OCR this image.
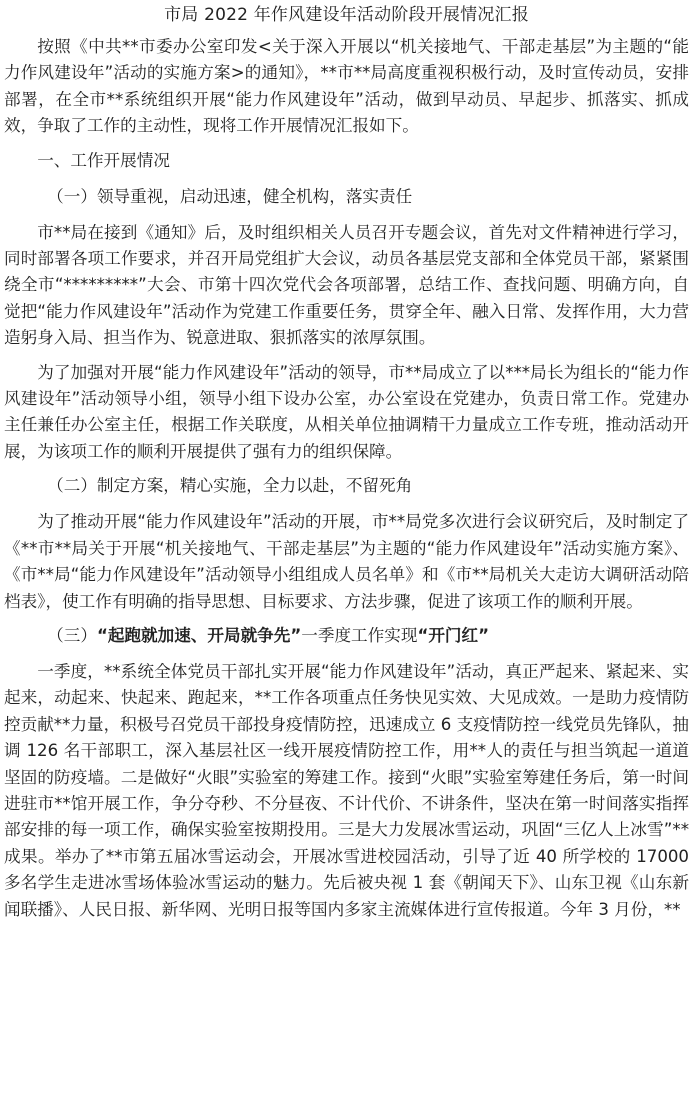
市局 2022 年作风建设年活动阶段开展情况汇报

按照《中共**市委办公室印发<关于深入开展以“机关接地气、干部走基层”为主题的“能力作风建设年”活动的实施方案>的通知》，**市**局高度重视积极行动，及时宣传动员，安排部署，在全市**系统组织开展“能力作风建设年”活动，做到早动员、早起步、抓落实、抓成效，争取了工作的主动性，现将工作开展情况汇报如下。

一、工作开展情况
（一）领导重视，启动迅速，健全机构，落实责任

市**局在接到《通知》后，及时组织相关人员召开专题会议，首先对文件精神进行学习，同时部署各项工作要求，并召开局党组扩大会议，动员各基层党支部和全体党员干部，紧紧围绕全市“*********”大会、市第十四次党代会各项部署，总结工作、查找问题、明确方向，自觉把“能力作风建设年”活动作为党建工作重要任务，贯穿全年、融入日常、发挥作用，大力营造躬身入局、担当作为、锐意进取、狠抓落实的浓厚氛围。

为了加强对开展“能力作风建设年”活动的领导，市**局成立了以***局长为组长的“能力作风建设年”活动领导小组，领导小组下设办公室，办公室设在党建办，负责日常工作。党建办主任兼任办公室主任，根据工作关联度，从相关单位抽调精干力量成立工作专班，推动活动开展，为该项工作的顺利开展提供了强有力的组织保障。

（二）制定方案，精心实施，全力以赴，不留死角

为了推动开展“能力作风建设年”活动的开展，市**局党多次进行会议研究后，及时制定了《**市**局关于开展“机关接地气、干部走基层”为主题的“能力作风建设年”活动实施方案》、《市**局“能力作风建设年”活动领导小组组成人员名单》和《市**局机关大走访大调研活动陪档表》，使工作有明确的指导思想、目标要求、方法步骤，促进了该项工作的顺利开展。

（三）“起跑就加速、开局就争先”一季度工作实现“开门红”

一季度，**系统全体党员干部扎实开展“能力作风建设年”活动，真正严起来、紧起来、实起来，动起来、快起来、跑起来，**工作各项重点任务快见实效、大见成效。一是助力疫情防控贡献**力量，积极号召党员干部投身疫情防控，迅速成立 6 支疫情防控一线党员先锋队，抽调 126 名干部职工，深入基层社区一线开展疫情防控工作，用**人的责任与担当筑起一道道坚固的防疫墙。二是做好“火眼”实验室的筹建工作。接到“火眼”实验室筹建任务后，第一时间进驻市**馆开展工作，争分夺秒、不分昼夜、不计代价、不讲条件，坚决在第一时间落实指挥部安排的每一项工作，确保实验室按期投用。三是大力发展冰雪运动，巩固“三亿人上冰雪”**成果。举办了**市第五届冰雪运动会，开展冰雪进校园活动，引导了近 40 所学校的 17000 多名学生走进冰雪场体验冰雪运动的魅力。先后被央视 1 套《朝闻天下》、山东卫视《山东新闻联播》、人民日报、新华网、光明日报等国内多家主流媒体进行宣传报道。今年 3 月份，**
